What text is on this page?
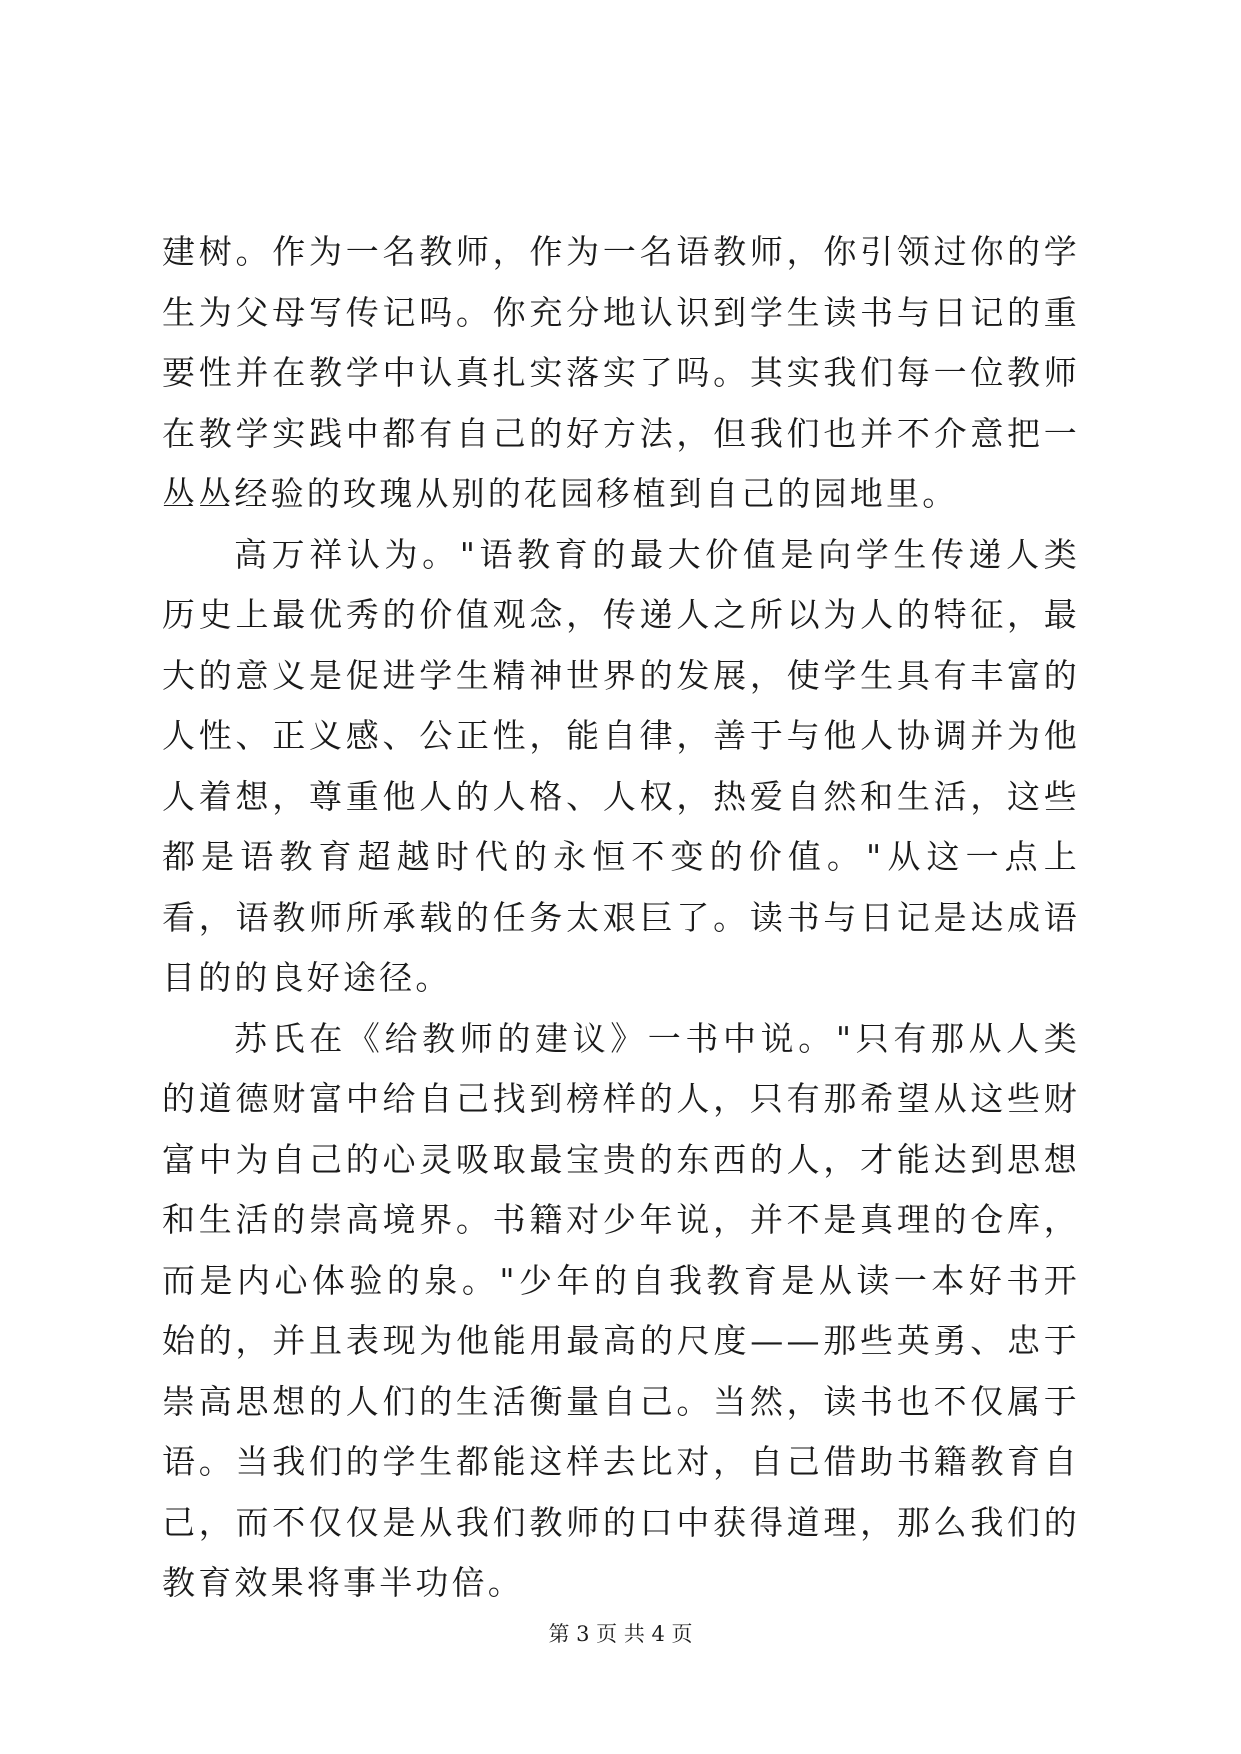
建树。作为一名教师，作为一名语教师，你引领过你的学生为父母写传记吗。你充分地认识到学生读书与日记的重要性并在教学中认真扎实落实了吗。其实我们每一位教师在教学实践中都有自己的好方法，但我们也并不介意把一丛丛经验的玫瑰从别的花园移植到自己的园地里。

高万祥认为。"语教育的最大价值是向学生传递人类历史上最优秀的价值观念，传递人之所以为人的特征，最大的意义是促进学生精神世界的发展，使学生具有丰富的人性、正义感、公正性，能自律，善于与他人协调并为他人着想，尊重他人的人格、人权，热爱自然和生活，这些都是语教育超越时代的永恒不变的价值。"从这一点上看，语教师所承载的任务太艰巨了。读书与日记是达成语目的的良好途径。

苏氏在《给教师的建议》一书中说。"只有那从人类的道德财富中给自己找到榜样的人，只有那希望从这些财富中为自己的心灵吸取最宝贵的东西的人，才能达到思想和生活的崇高境界。书籍对少年说，并不是真理的仓库，而是内心体验的泉。"少年的自我教育是从读一本好书开始的，并且表现为他能用最高的尺度——那些英勇、忠于崇高思想的人们的生活衡量自己。当然，读书也不仅属于语。当我们的学生都能这样去比对，自己借助书籍教育自己，而不仅仅是从我们教师的口中获得道理，那么我们的教育效果将事半功倍。

第 3 页 共 4 页
